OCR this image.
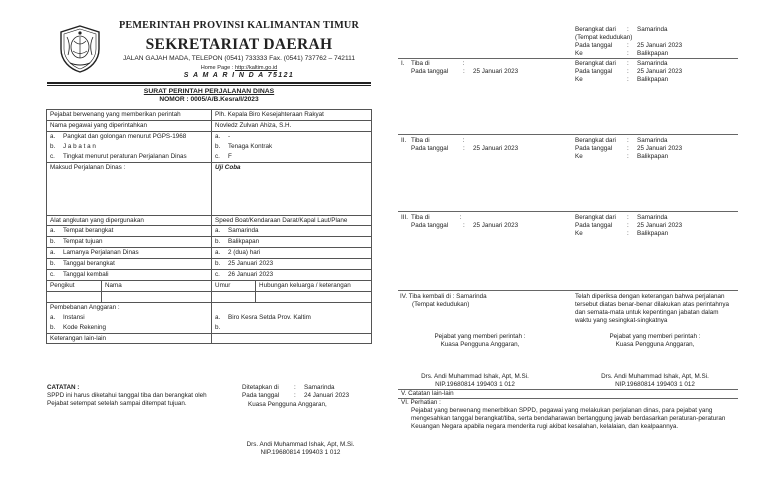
PEMERINTAH PROVINSI KALIMANTAN TIMUR
SEKRETARIAT DAERAH
JALAN GAJAH MADA, TELEPON (0541) 733333 Fax. (0541) 737762 – 742111
Home Page : http://kaltim.go.id
S A M A R I N D A 75121
SURAT PERINTAH PERJALANAN DINAS
NOMOR : 0005/A/B.Kesra/I/2023
Pejabat berwenang yang memberikan perintah		Plh. Kepala Biro Kesejahteraan Rakyat	
Nama pegawai yang diperintahkan		Novledz Zulvan Ahiza, S.H.	
a. Pangkat dan golongan menurut PGPS-1968		a. -	
b. J a b a t a n		b. Tenaga Kontrak	
c. Tingkat menurut peraturan Perjalanan Dinas		c. F	
Maksud Perjalanan Dinas :		Uji Coba	
Alat angkutan yang dipergunakan		Speed Boat/Kendaraan Darat/Kapal Laut/Plane	
a. Tempat berangkat		a. Samarinda	
b. Tempat tujuan		b. Balikpapan	
a. Lamanya Perjalanan Dinas		a. 2 (dua) hari	
b. Tanggal berangkat		b. 25 Januari 2023	
c. Tanggal kembali		c. 26 Januari 2023	
Pengikut	Nama	Umur	Hubungan keluarga / keterangan

Pembebanan Anggaran :			
a. Instansi		a. Biro Kesra Setda Prov. Kaltim	
b. Kode Rekening		b.	
Keterangan lain-lain			
CATATAN :
SPPD ini harus diketahui tanggal tiba dan berangkat oleh Pejabat setempat setelah sampai ditempat tujuan.
Ditetapkan di	:	Samarinda
Pada tanggal	:	24 Januari 2023
Kuasa Pengguna Anggaran,
Drs. Andi Muhammad Ishak, Apt, M.Si.
NIP.19680814 199403 1 012
Berangkat dari	:	Samarinda
(Tempat kedudukan)
Pada tanggal	:	25 Januari 2023
Ke	:	Balikpapan
I. Tiba di	:
Pada tanggal	:	25 Januari 2023
Berangkat dari	:	Samarinda
Pada tanggal	:	25 Januari 2023
Ke	:	Balikpapan
II. Tiba di	:
Pada tanggal	:	25 Januari 2023
Berangkat dari	:	Samarinda
Pada tanggal	:	25 Januari 2023
Ke	:	Balikpapan
III. Tiba di	:
Pada tanggal	:	25 Januari 2023
Berangkat dari	:	Samarinda
Pada tanggal	:	25 Januari 2023
Ke	:	Balikpapan
IV. Tiba kembali di : Samarinda
(Tempat kedudukan)
Telah diperiksa dengan keterangan bahwa perjalanan tersebut diatas benar-benar dilakukan atas perintahnya dan semata-mata untuk kepentingan jabatan dalam waktu yang sesingkat-singkatnya
Pejabat yang memberi perintah :
Kuasa Pengguna Anggaran,
Pejabat yang memberi perintah :
Kuasa Pengguna Anggaran,
Drs. Andi Muhammad Ishak, Apt, M.Si.
NIP.19680814 199403 1 012
Drs. Andi Muhammad Ishak, Apt, M.Si.
NIP.19680814 199403 1 012
V. Catatan lain-lain
VI. Perhatian :
Pejabat yang berwenang menerbitkan SPPD, pegawai yang melakukan perjalanan dinas, para pejabat yang mengesahkan tanggal berangkat/tiba, serta bendaharawan bertanggung jawab berdasarkan peraturan-peraturan Keuangan Negara apabila negara menderita rugi akibat kesalahan, kelalaian, dan kealpaannya.
